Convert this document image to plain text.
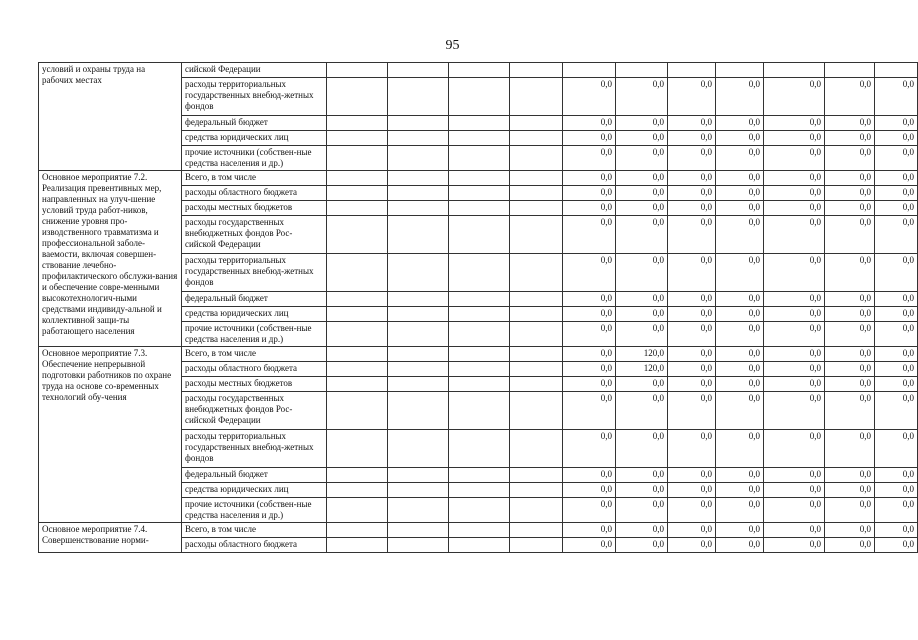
95
условий и охраны труда на рабочих местах	сийской Федерации											
	расходы территориальных государственных внебюд-жетных фондов					0,0	0,0	0,0	0,0	0,0	0,0	0,0
	федеральный бюджет					0,0	0,0	0,0	0,0	0,0	0,0	0,0
	средства юридических лиц					0,0	0,0	0,0	0,0	0,0	0,0	0,0
	прочие источники (собствен-ные средства населения и др.)					0,0	0,0	0,0	0,0	0,0	0,0	0,0
Основное мероприятие 7.2. Реализация превентивных мер, направленных на улуч-шение условий труда работ-ников, снижение уровня про-изводственного травматизма и профессиональной заболе-ваемости, включая совершен-ствование лечебно-профилактического обслужи-вания и обеспечение совре-менными высокотехнологич-ными средствами индивиду-альной и коллективной защи-ты работающего населения	Всего, в том числе					0,0	0,0	0,0	0,0	0,0	0,0	0,0
	расходы областного бюджета					0,0	0,0	0,0	0,0	0,0	0,0	0,0
	расходы местных бюджетов					0,0	0,0	0,0	0,0	0,0	0,0	0,0
	расходы государственных внебюджетных фондов Рос-сийской Федерации					0,0	0,0	0,0	0,0	0,0	0,0	0,0
	расходы территориальных государственных внебюд-жетных фондов					0,0	0,0	0,0	0,0	0,0	0,0	0,0
	федеральный бюджет					0,0	0,0	0,0	0,0	0,0	0,0	0,0
	средства юридических лиц					0,0	0,0	0,0	0,0	0,0	0,0	0,0
	прочие источники (собствен-ные средства населения и др.)					0,0	0,0	0,0	0,0	0,0	0,0	0,0
Основное мероприятие 7.3. Обеспечение непрерывной подготовки работников по охране труда на основе со-временных технологий обу-чения	Всего, в том числе					0,0	120,0	0,0	0,0	0,0	0,0	0,0
	расходы областного бюджета					0,0	120,0	0,0	0,0	0,0	0,0	0,0
	расходы местных бюджетов					0,0	0,0	0,0	0,0	0,0	0,0	0,0
	расходы государственных внебюджетных фондов Рос-сийской Федерации					0,0	0,0	0,0	0,0	0,0	0,0	0,0
	расходы территориальных государственных внебюд-жетных фондов					0,0	0,0	0,0	0,0	0,0	0,0	0,0
	федеральный бюджет					0,0	0,0	0,0	0,0	0,0	0,0	0,0
	средства юридических лиц					0,0	0,0	0,0	0,0	0,0	0,0	0,0
	прочие источники (собствен-ные средства населения и др.)					0,0	0,0	0,0	0,0	0,0	0,0	0,0
Основное мероприятие 7.4. Совершенствование норми-	Всего, в том числе					0,0	0,0	0,0	0,0	0,0	0,0	0,0
	расходы областного бюджета					0,0	0,0	0,0	0,0	0,0	0,0	0,0
